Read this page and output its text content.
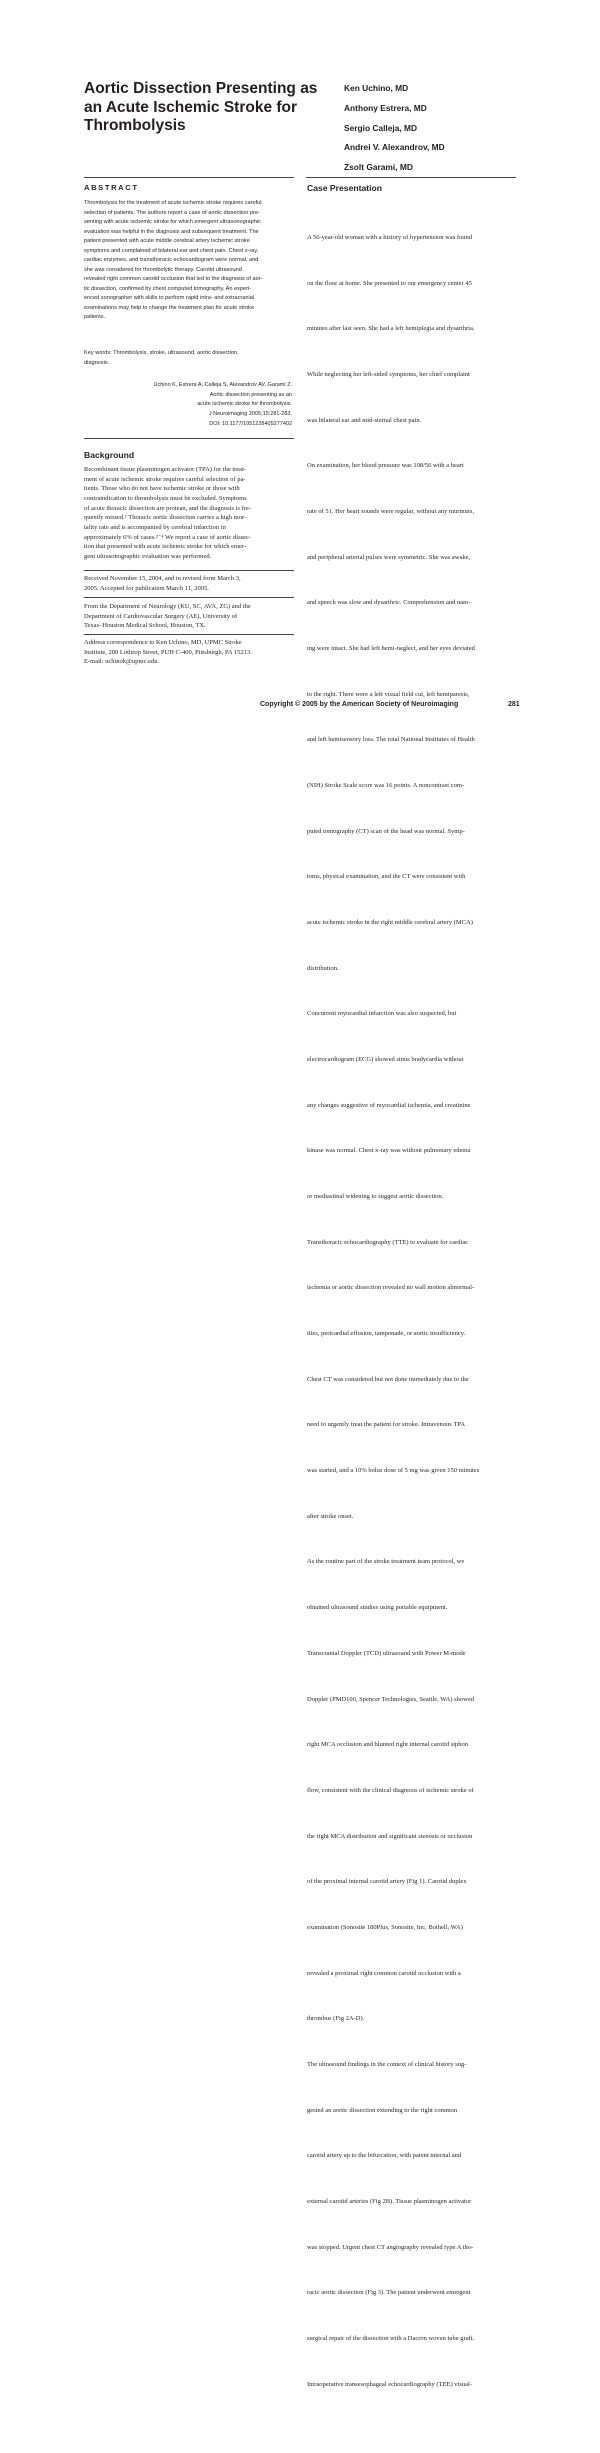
Aortic Dissection Presenting as
an Acute Ischemic Stroke for
Thrombolysis
Ken Uchino, MD
Anthony Estrera, MD
Sergio Calleja, MD
Andrei V. Alexandrov, MD
Zsolt Garami, MD
ABSTRACT
Thrombolysis for the treatment of acute ischemic stroke requires careful
selection of patients. The authors report a case of aortic dissection pre-
senting with acute ischemic stroke for which emergent ultrasonographic
evaluation was helpful in the diagnosis and subsequent treatment. The
patient presented with acute middle cerebral artery ischemic stroke
symptoms and complained of bilateral ear and chest pain. Chest x-ray,
cardiac enzymes, and transthoracic echocardiogram were normal, and
she was considered for thrombolytic therapy. Carotid ultrasound
revealed right common carotid occlusion that led to the diagnosis of aor-
tic dissection, confirmed by chest computed tomography. An experi-
enced sonographer with skills to perform rapid intra- and extracranial
examinations may help to change the treatment plan for acute stroke
patients.
Key words: Thrombolysis, stroke, ultrasound, aortic dissection,
diagnosis.
Uchino K, Estrera A, Calleja S, Alexandrov AV, Garami Z.
Aortic dissection presenting as an
acute ischemic stroke for thrombolysis.
J Neuroimaging 2005;15:281-283.
DOI: 10.1177/1051228405277402
Background
Recombinant tissue plasminogen activator (TPA) for the treat-
ment of acute ischemic stroke requires careful selection of pa-
tients. Those who do not have ischemic stroke or those with
contraindication to thrombolysis must be excluded. Symptoms
of acute thoracic dissection are protean, and the diagnosis is fre-
quently missed.¹ Thoracic aortic dissection carries a high mor-
tality rate and is accompanied by cerebral infarction in
approximately 6% of cases.²⁻⁴ We report a case of aortic dissec-
tion that presented with acute ischemic stroke for which emer-
gent ultrasonographic evaluation was performed.
Received November 15, 2004, and in revised form March 3,
2005. Accepted for publication March 11, 2005.
From the Department of Neurology (KU, SC, AVA, ZG) and the
Department of Cardiovascular Surgery (AE), University of
Texas–Houston Medical School, Houston, TX.
Address correspondence to Ken Uchino, MD, UPMC Stroke
Institute, 200 Lothrop Street, PUH C-400, Pittsburgh, PA 15213.
E-mail: uchinok@upmc.edu.
Case Presentation

A 56-year-old woman with a history of hypertension was found

on the floor at home. She presented to our emergency center 45

minutes after last seen. She had a left hemiplegia and dysarthria.

While neglecting her left-sided symptoms, her chief complaint

was bilateral ear and mid-sternal chest pain.

On examination, her blood pressure was 108/56 with a heart

rate of 51. Her heart sounds were regular, without any murmurs,

and peripheral arterial pulses were symmetric. She was awake,

and speech was slow and dysarthric. Comprehension and nam-

ing were intact. She had left hemi-neglect, and her eyes deviated

to the right. There were a left visual field cut, left hemiparesis,

and left hemisensory loss. The total National Institutes of Health

(NIH) Stroke Scale score was 16 points. A noncontrast com-

puted tomography (CT) scan of the head was normal. Symp-

toms, physical examination, and the CT were consistent with

acute ischemic stroke in the right middle cerebral artery (MCA)

distribution.

Concurrent myocardial infarction was also suspected, but

electrocardiogram (ECG) showed sinus bradycardia without

any changes suggestive of myocardial ischemia, and creatinine

kinase was normal. Chest x-ray was without pulmonary edema

or mediastinal widening to suggest aortic dissection.

Transthoracic echocardiography (TTE) to evaluate for cardiac

ischemia or aortic dissection revealed no wall motion abnormal-

ities, pericardial effusion, tamponade, or aortic insufficiency.

Chest CT was considered but not done immediately due to the

need to urgently treat the patient for stroke. Intravenous TPA

was started, and a 10% bolus dose of 5 mg was given 150 minutes

after stroke onset.

As the routine part of the stroke treatment team protocol, we

obtained ultrasound studies using portable equipment.

Transcranial Doppler (TCD) ultrasound with Power M-mode

Doppler (PMD100, Spencer Technologies, Seattle, WA) showed

right MCA occlusion and blunted right internal carotid siphon

flow, consistent with the clinical diagnosis of ischemic stroke of

the right MCA distribution and significant stenosis or occlusion

of the proximal internal carotid artery (Fig 1). Carotid duplex

examination (Sonosite 180Plus, Sonosite, Inc, Bothell, WA)

revealed a proximal right common carotid occlusion with a

thrombus (Fig 2A-D).

The ultrasound findings in the context of clinical history sug-

gested an aortic dissection extending to the right common

carotid artery up to the bifurcation, with patent internal and

external carotid arteries (Fig 2B). Tissue plasminogen activator

was stopped. Urgent chest CT angiography revealed type A tho-

racic aortic dissection (Fig 3). The patient underwent emergent

surgical repair of the dissection with a Dacron woven tube graft.

Intraoperative transesophageal echocardiography (TEE) visual-

Copyright © 2005 by the American Society of Neuroimaging	281
